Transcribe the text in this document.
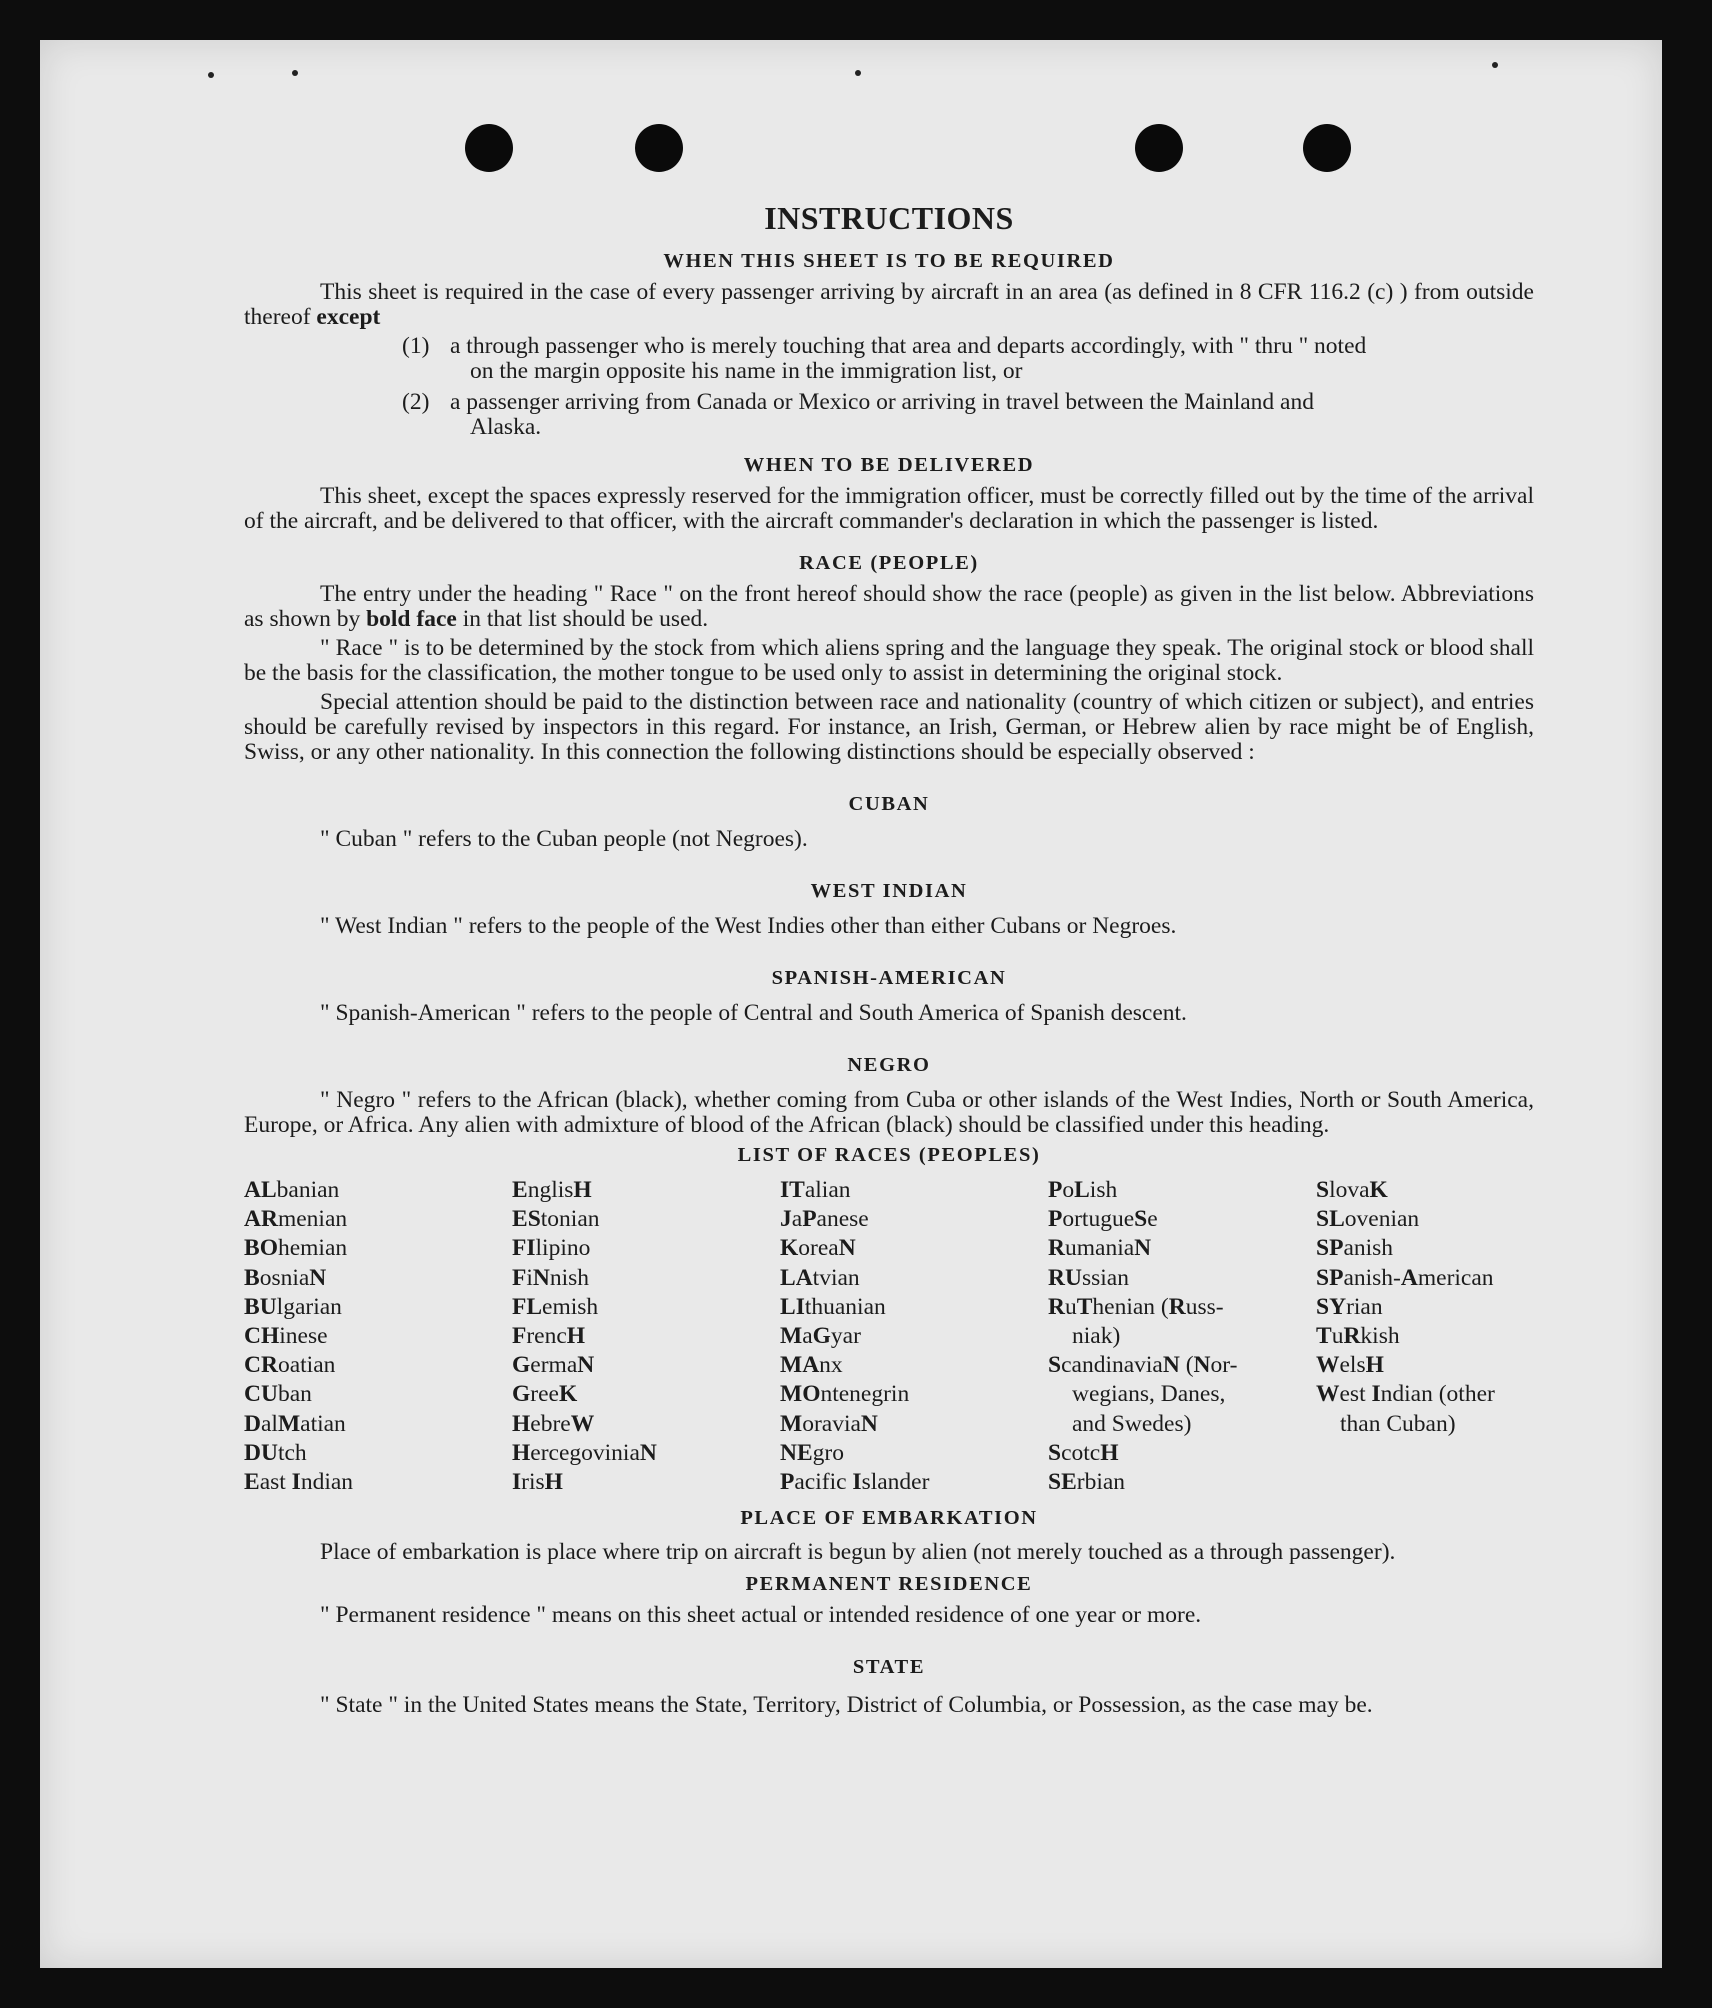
INSTRUCTIONS
WHEN THIS SHEET IS TO BE REQUIRED

This sheet is required in the case of every passenger arriving by aircraft in an area (as defined in 8 CFR 116.2 (c) ) from outside thereof except

(1) a through passenger who is merely touching that area and departs accordingly, with " thru " noted
on the margin opposite his name in the immigration list, or
(2) a passenger arriving from Canada or Mexico or arriving in travel between the Mainland and
Alaska.
WHEN TO BE DELIVERED

This sheet, except the spaces expressly reserved for the immigration officer, must be correctly filled out by the time of the arrival of the aircraft, and be delivered to that officer, with the aircraft commander's declaration in which the passenger is listed.

RACE (PEOPLE)

The entry under the heading " Race " on the front hereof should show the race (people) as given in the list below. Abbreviations as shown by bold face in that list should be used.

" Race " is to be determined by the stock from which aliens spring and the language they speak. The original stock or blood shall be the basis for the classification, the mother tongue to be used only to assist in determining the original stock.

Special attention should be paid to the distinction between race and nationality (country of which citizen or subject), and entries should be carefully revised by inspectors in this regard. For instance, an Irish, German, or Hebrew alien by race might be of English, Swiss, or any other nationality. In this connection the following distinctions should be especially observed :

CUBAN

" Cuban " refers to the Cuban people (not Negroes).

WEST INDIAN

" West Indian " refers to the people of the West Indies other than either Cubans or Negroes.

SPANISH-AMERICAN

" Spanish-American " refers to the people of Central and South America of Spanish descent.

NEGRO

" Negro " refers to the African (black), whether coming from Cuba or other islands of the West Indies, North or South America, Europe, or Africa. Any alien with admixture of blood of the African (black) should be classified under this heading.

LIST OF RACES (PEOPLES)
ALbanian
ARmenian
BOhemian
BosniaN
BUlgarian
CHinese
CRoatian
CUban
DalMatian
DUtch
East Indian
EnglisH
EStonian
FIlipino
FiNnish
FLemish
FrencH
GermaN
GreeK
HebreW
HercegoviniaN
IrisH
ITalian
JaPanese
KoreaN
LAtvian
LIthuanian
MaGyar
MAnx
MOntenegrin
MoraviaN
NEgro
Pacific Islander
PoLish
PortugueSe
RumaniaN
RUssian
RuThenian (Russ-
niak)
ScandinaviaN (Nor-
wegians, Danes,
and Swedes)
ScotcH
SErbian
SlovaK
SLovenian
SPanish
SPanish-American
SYrian
TuRkish
WelsH
West Indian (other
than Cuban)
PLACE OF EMBARKATION

Place of embarkation is place where trip on aircraft is begun by alien (not merely touched as a through passenger).

PERMANENT RESIDENCE

" Permanent residence " means on this sheet actual or intended residence of one year or more.

STATE

" State " in the United States means the State, Territory, District of Columbia, or Possession, as the case may be.
